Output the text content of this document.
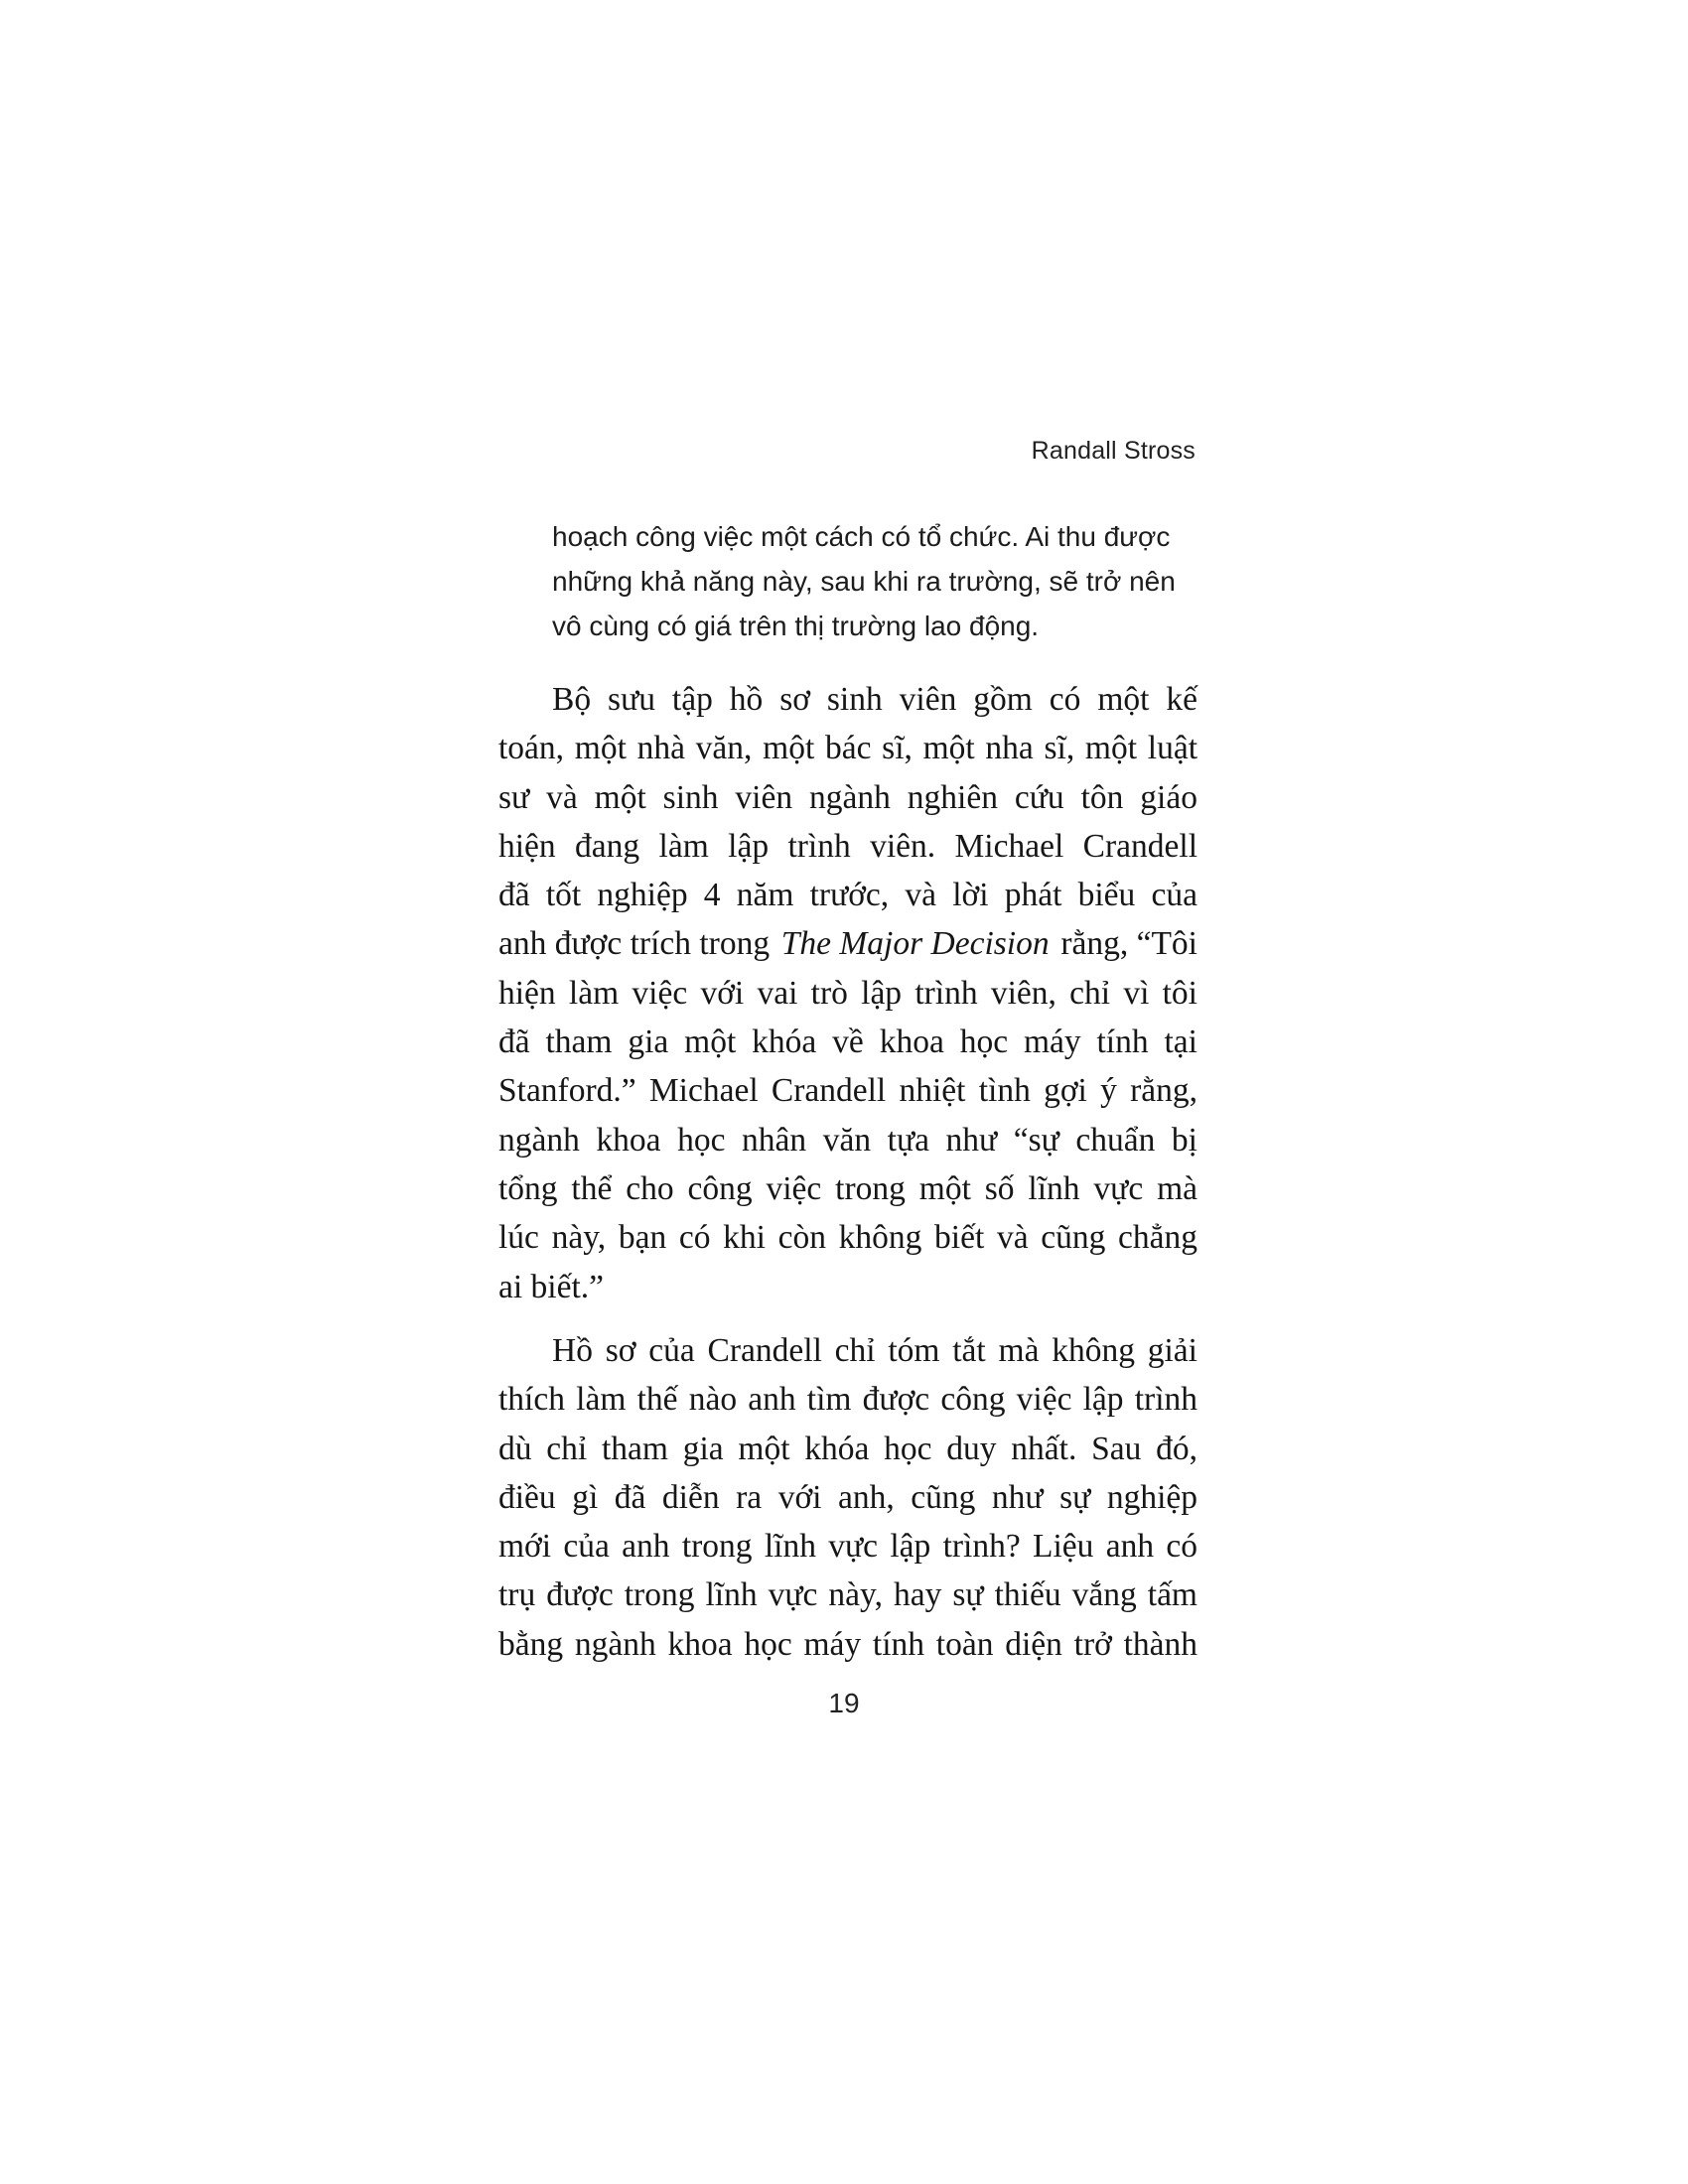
Randall Stross
hoạch công việc một cách có tổ chức. Ai thu được
những khả năng này, sau khi ra trường, sẽ trở nên
vô cùng có giá trên thị trường lao động.
Bộ sưu tập hồ sơ sinh viên gồm có một kế
toán, một nhà văn, một bác sĩ, một nha sĩ, một luật
sư và một sinh viên ngành nghiên cứu tôn giáo
hiện đang làm lập trình viên. Michael Crandell
đã tốt nghiệp 4 năm trước, và lời phát biểu của
anh được trích trong The Major Decision rằng, “Tôi
hiện làm việc với vai trò lập trình viên, chỉ vì tôi
đã tham gia một khóa về khoa học máy tính tại
Stanford.” Michael Crandell nhiệt tình gợi ý rằng,
ngành khoa học nhân văn tựa như “sự chuẩn bị
tổng thể cho công việc trong một số lĩnh vực mà
lúc này, bạn có khi còn không biết và cũng chẳng
ai biết.”
Hồ sơ của Crandell chỉ tóm tắt mà không giải
thích làm thế nào anh tìm được công việc lập trình
dù chỉ tham gia một khóa học duy nhất. Sau đó,
điều gì đã diễn ra với anh, cũng như sự nghiệp
mới của anh trong lĩnh vực lập trình? Liệu anh có
trụ được trong lĩnh vực này, hay sự thiếu vắng tấm
bằng ngành khoa học máy tính toàn diện trở thành
19
